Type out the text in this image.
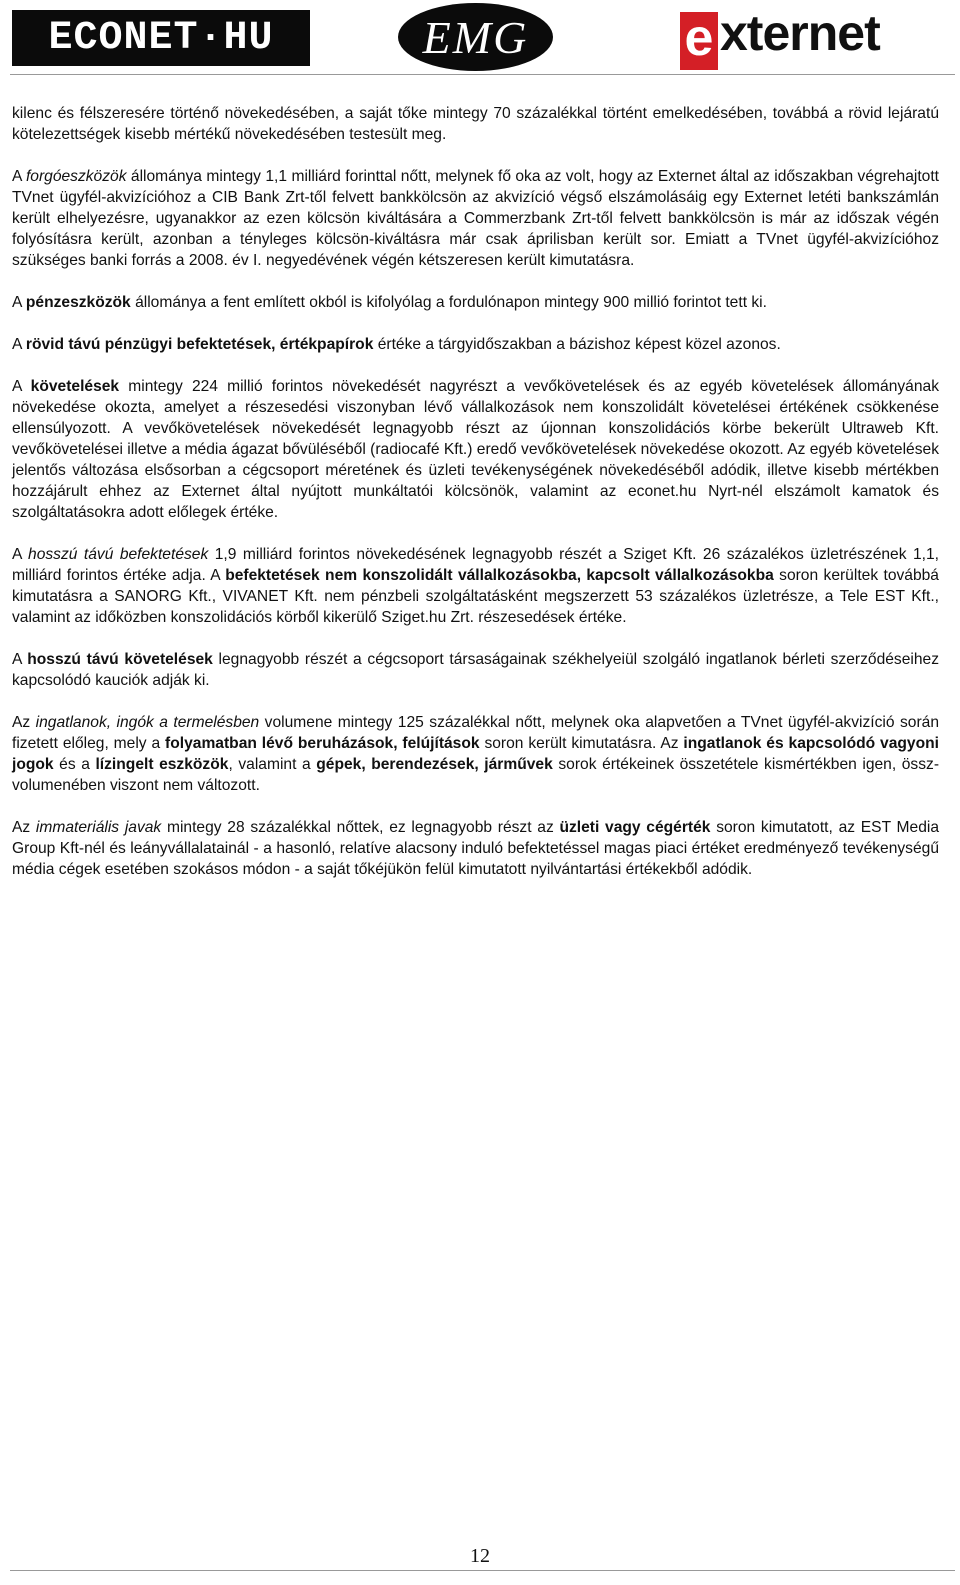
ECONET·HU	EMG	e xternet

kilenc és félszeresére történő növekedésében, a saját tőke mintegy 70 százalékkal történt emelkedésében, továbbá a rövid lejáratú kötelezettségek kisebb mértékű növekedésében testesült meg.

A forgóeszközök állománya mintegy 1,1 milliárd forinttal nőtt, melynek fő oka az volt, hogy az Externet által az időszakban végrehajtott TVnet ügyfél-akvizícióhoz a CIB Bank Zrt-től felvett bankkölcsön az akvizíció végső elszámolásáig egy Externet letéti bankszámlán került elhelyezésre, ugyanakkor az ezen kölcsön kiváltására a Commerzbank Zrt-től felvett bankkölcsön is már az időszak végén folyósításra került, azonban a tényleges kölcsön-kiváltásra már csak áprilisban került sor. Emiatt a TVnet ügyfél-akvizícióhoz szükséges banki forrás a 2008. év I. negyedévének végén kétszeresen került kimutatásra.

A pénzeszközök állománya a fent említett okból is kifolyólag a fordulónapon mintegy 900 millió forintot tett ki.

A rövid távú pénzügyi befektetések, értékpapírok értéke a tárgyidőszakban a bázishoz képest közel azonos.

A követelések mintegy 224 millió forintos növekedését nagyrészt a vevőkövetelések és az egyéb követelések állományának növekedése okozta, amelyet a részesedési viszonyban lévő vállalkozások nem konszolidált követelései értékének csökkenése ellensúlyozott. A vevőkövetelések növekedését legnagyobb részt az újonnan konszolidációs körbe bekerült Ultraweb Kft. vevőkövetelései illetve a média ágazat bővüléséből (radiocafé Kft.) eredő vevőkövetelések növekedése okozott. Az egyéb követelések jelentős változása elsősorban a cégcsoport méretének és üzleti tevékenységének növekedéséből adódik, illetve kisebb mértékben hozzájárult ehhez az Externet által nyújtott munkáltatói kölcsönök, valamint az econet.hu Nyrt-nél elszámolt kamatok és szolgáltatásokra adott előlegek értéke.

A hosszú távú befektetések 1,9 milliárd forintos növekedésének legnagyobb részét a Sziget Kft. 26 százalékos üzletrészének 1,1, milliárd forintos értéke adja. A befektetések nem konszolidált vállalkozásokba, kapcsolt vállalkozásokba soron kerültek továbbá kimutatásra a SANORG Kft., VIVANET Kft. nem pénzbeli szolgáltatásként megszerzett 53 százalékos üzletrésze, a Tele EST Kft., valamint az időközben konszolidációs körből kikerülő Sziget.hu Zrt. részesedések értéke.

A hosszú távú követelések legnagyobb részét a cégcsoport társaságainak székhelyeiül szolgáló ingatlanok bérleti szerződéseihez kapcsolódó kauciók adják ki.

Az ingatlanok, ingók a termelésben volumene mintegy 125 százalékkal nőtt, melynek oka alapvetően a TVnet ügyfél-akvizíció során fizetett előleg, mely a folyamatban lévő beruházások, felújítások soron került kimutatásra. Az ingatlanok és kapcsolódó vagyoni jogok és a lízingelt eszközök, valamint a gépek, berendezések, járművek sorok értékeinek összetétele kismértékben igen, össz-volumenében viszont nem változott.

Az immateriális javak mintegy 28 százalékkal nőttek, ez legnagyobb részt az üzleti vagy cégérték soron kimutatott, az EST Media Group Kft-nél és leányvállalatainál - a hasonló, relatíve alacsony induló befektetéssel magas piaci értéket eredményező tevékenységű média cégek esetében szokásos módon - a saját tőkéjükön felül kimutatott nyilvántartási értékekből adódik.

12
